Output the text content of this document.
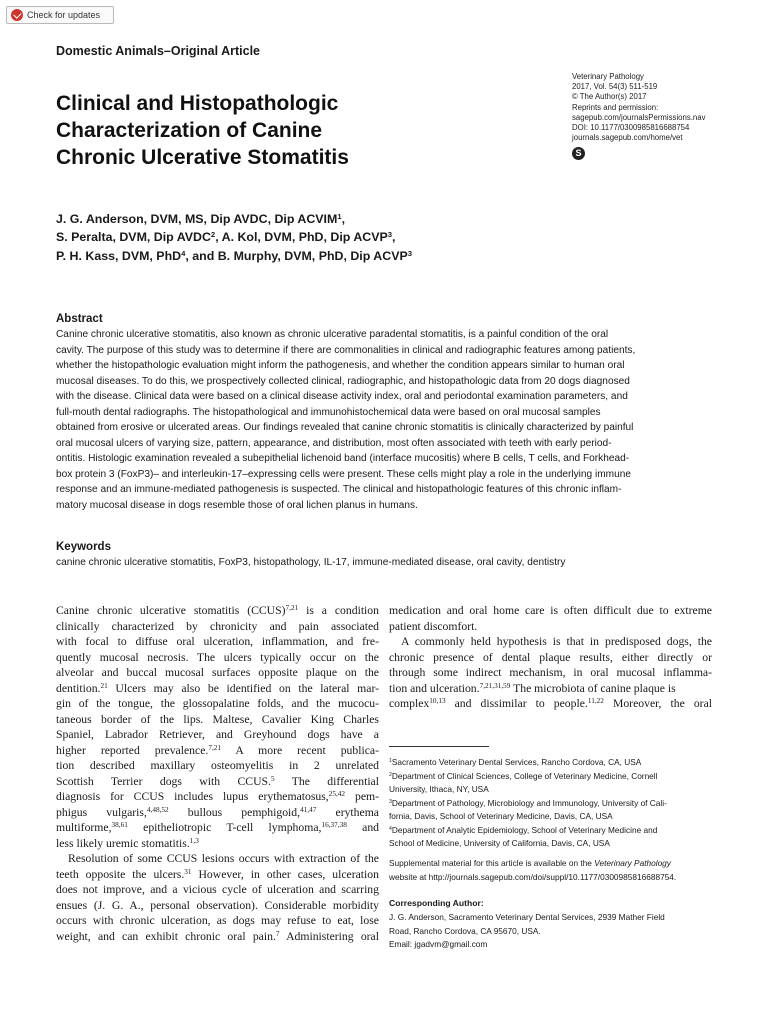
Check for updates
Domestic Animals–Original Article
Clinical and Histopathologic
Characterization of Canine
Chronic Ulcerative Stomatitis
Veterinary Pathology
2017, Vol. 54(3) 511-519
© The Author(s) 2017
Reprints and permission:
sagepub.com/journalsPermissions.nav
DOI: 10.1177/0300985816688754
journals.sagepub.com/home/vet
S
J. G. Anderson, DVM, MS, Dip AVDC, Dip ACVIM$^1$,
S. Peralta, DVM, Dip AVDC$^2$, A. Kol, DVM, PhD, Dip ACVP$^3$,
P. H. Kass, DVM, PhD$^4$, and B. Murphy, DVM, PhD, Dip ACVP$^3$
Abstract
Canine chronic ulcerative stomatitis, also known as chronic ulcerative paradental stomatitis, is a painful condition of the oral
cavity. The purpose of this study was to determine if there are commonalities in clinical and radiographic features among patients,
whether the histopathologic evaluation might inform the pathogenesis, and whether the condition appears similar to human oral
mucosal diseases. To do this, we prospectively collected clinical, radiographic, and histopathologic data from 20 dogs diagnosed
with the disease. Clinical data were based on a clinical disease activity index, oral and periodontal examination parameters, and
full-mouth dental radiographs. The histopathological and immunohistochemical data were based on oral mucosal samples
obtained from erosive or ulcerated areas. Our findings revealed that canine chronic stomatitis is clinically characterized by painful
oral mucosal ulcers of varying size, pattern, appearance, and distribution, most often associated with teeth with early period-
ontitis. Histologic examination revealed a subepithelial lichenoid band (interface mucositis) where B cells, T cells, and Forkhead-
box protein 3 (FoxP3)– and interleukin-17–expressing cells were present. These cells might play a role in the underlying immune
response and an immune-mediated pathogenesis is suspected. The clinical and histopathologic features of this chronic inflam-
matory mucosal disease in dogs resemble those of oral lichen planus in humans.
Keywords
canine chronic ulcerative stomatitis, FoxP3, histopathology, IL-17, immune-mediated disease, oral cavity, dentistry
Canine chronic ulcerative stomatitis (CCUS)$^{7,21}$ is a condition
clinically characterized by chronicity and pain associated
with focal to diffuse oral ulceration, inflammation, and fre-
quently mucosal necrosis. The ulcers typically occur on the
alveolar and buccal mucosal surfaces opposite plaque on the
dentition.$^{21}$ Ulcers may also be identified on the lateral mar-
gin of the tongue, the glossopalatine folds, and the mucocu-
taneous border of the lips. Maltese, Cavalier King Charles
Spaniel, Labrador Retriever, and Greyhound dogs have a
higher reported prevalence.$^{7,21}$ A more recent publica-
tion described maxillary osteomyelitis in 2 unrelated
Scottish Terrier dogs with CCUS.$^5$ The differential
diagnosis for CCUS includes lupus erythematosus,$^{25,42}$ pem-
phigus vulgaris,$^{4,48,52}$ bullous pemphigoid,$^{41,47}$ erythema
multiforme,$^{38,61}$ epitheliotropic T-cell lymphoma,$^{16,37,38}$ and
less likely uremic stomatitis.$^{1,3}$
Resolution of some CCUS lesions occurs with extraction of the
teeth opposite the ulcers.$^{31}$ However, in other cases, ulceration
does not improve, and a vicious cycle of ulceration and scarring
ensues (J. G. A., personal observation). Considerable morbidity
occurs with chronic ulceration, as dogs may refuse to eat, lose
weight, and can exhibit chronic oral pain.$^7$ Administering oral
medication and oral home care is often difficult due to extreme
patient discomfort.
A commonly held hypothesis is that in predisposed dogs, the
chronic presence of dental plaque results, either directly or
through some indirect mechanism, in oral mucosal inflamma-
tion and ulceration.$^{7,21,31,59}$ The microbiota of canine plaque is
complex$^{10,13}$ and dissimilar to people.$^{11,22}$ Moreover, the oral
$^1$Sacramento Veterinary Dental Services, Rancho Cordova, CA, USA
$^2$Department of Clinical Sciences, College of Veterinary Medicine, Cornell
University, Ithaca, NY, USA
$^3$Department of Pathology, Microbiology and Immunology, University of Cali-
fornia, Davis, School of Veterinary Medicine, Davis, CA, USA
$^4$Department of Analytic Epidemiology, School of Veterinary Medicine and
School of Medicine, University of California, Davis, CA, USA
Supplemental material for this article is available on the Veterinary Pathology
website at http://journals.sagepub.com/doi/suppl/10.1177/0300985816688754.
Corresponding Author:
J. G. Anderson, Sacramento Veterinary Dental Services, 2939 Mather Field
Road, Rancho Cordova, CA 95670, USA.
Email: jgadvm@gmail.com
